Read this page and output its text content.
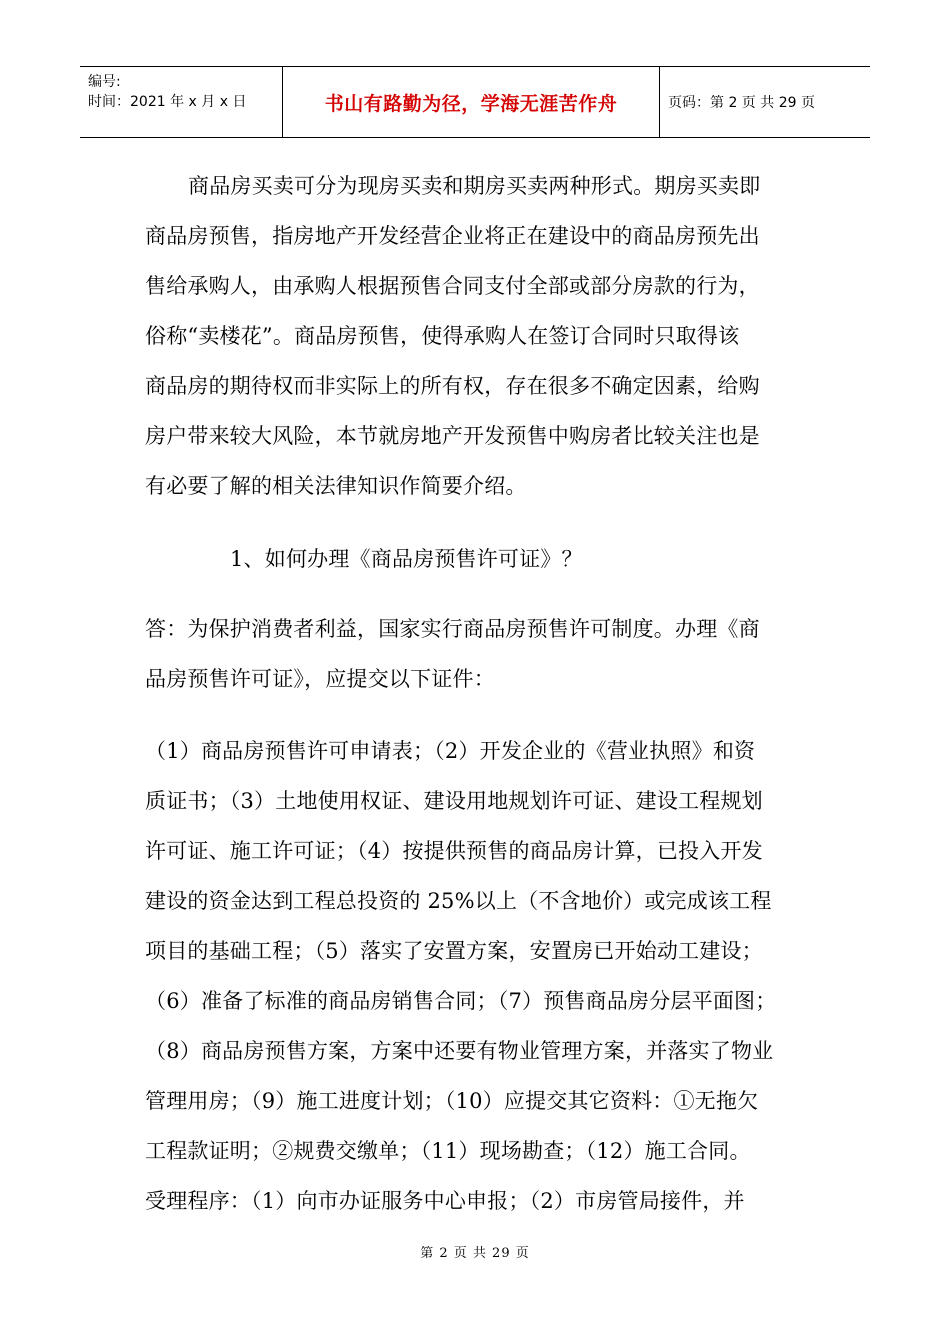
编号:
时间：2021 年 x 月 x 日	书山有路勤为径，学海无涯苦作舟	页码：第 2 页 共 29 页
商品房买卖可分为现房买卖和期房买卖两种形式。期房买卖即
商品房预售，指房地产开发经营企业将正在建设中的商品房预先出
售给承购人，由承购人根据预售合同支付全部或部分房款的行为，
俗称“卖楼花”。商品房预售，使得承购人在签订合同时只取得该
商品房的期待权而非实际上的所有权，存在很多不确定因素，给购
房户带来较大风险，本节就房地产开发预售中购房者比较关注也是
有必要了解的相关法律知识作简要介绍。
1、如何办理《商品房预售许可证》？
答：为保护消费者利益，国家实行商品房预售许可制度。办理《商
品房预售许可证》，应提交以下证件：
（1）商品房预售许可申请表；（2）开发企业的《营业执照》和资
质证书；（3）土地使用权证、建设用地规划许可证、建设工程规划
许可证、施工许可证；（4）按提供预售的商品房计算，已投入开发
建设的资金达到工程总投资的 25%以上（不含地价）或完成该工程
项目的基础工程；（5）落实了安置方案，安置房已开始动工建设；
（6）准备了标准的商品房销售合同；（7）预售商品房分层平面图；
（8）商品房预售方案，方案中还要有物业管理方案，并落实了物业
管理用房；（9）施工进度计划；（10）应提交其它资料：①无拖欠
工程款证明；②规费交缴单；（11）现场勘查；（12）施工合同。
受理程序：（1）向市办证服务中心申报；（2）市房管局接件，并
第 2 页 共 29 页
